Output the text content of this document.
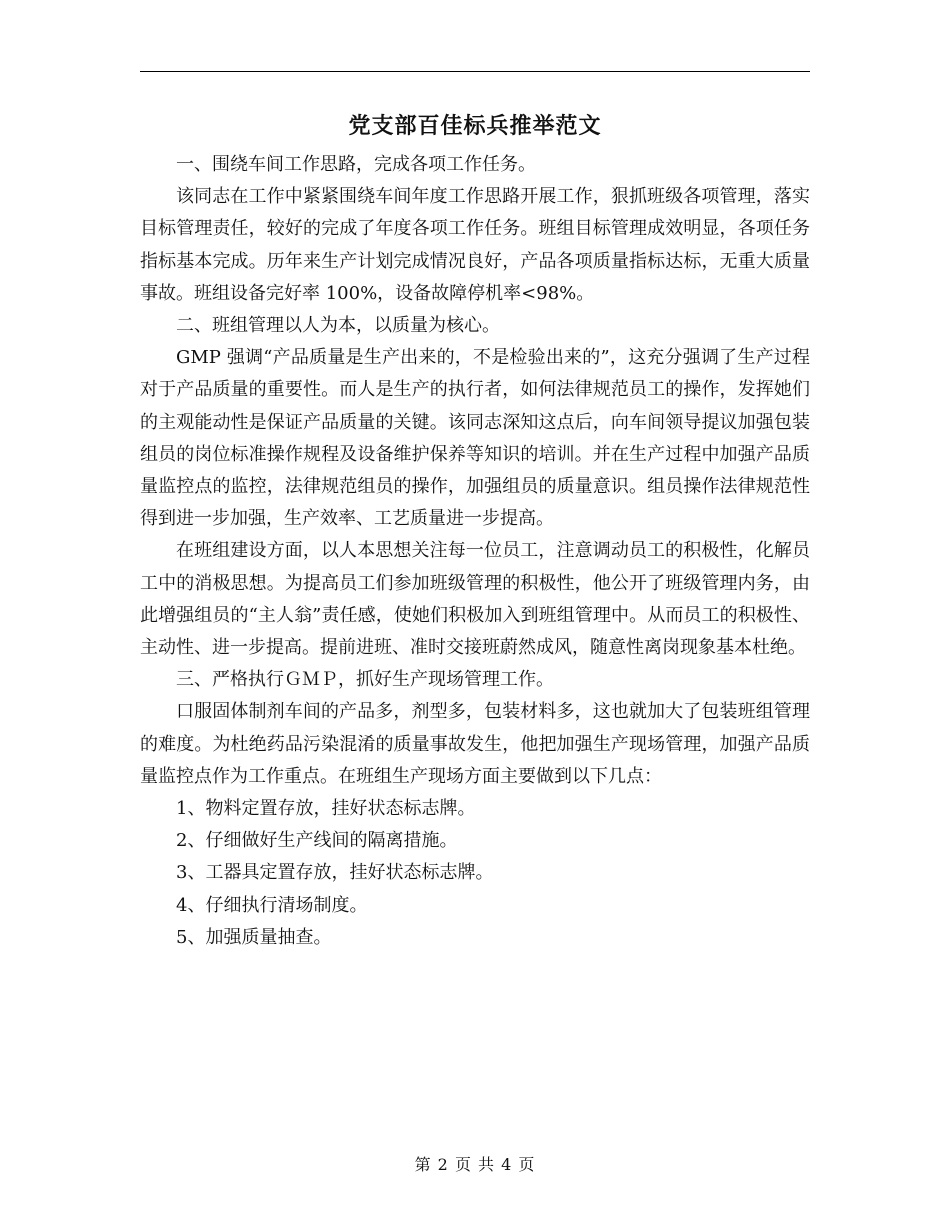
党支部百佳标兵推举范文

一、围绕车间工作思路，完成各项工作任务。

该同志在工作中紧紧围绕车间年度工作思路开展工作，狠抓班级各项管理，落实目标管理责任，较好的完成了年度各项工作任务。班组目标管理成效明显，各项任务指标基本完成。历年来生产计划完成情况良好，产品各项质量指标达标，无重大质量事故。班组设备完好率 100%，设备故障停机率<98%。

二、班组管理以人为本，以质量为核心。

GMP 强调“产品质量是生产出来的，不是检验出来的”，这充分强调了生产过程对于产品质量的重要性。而人是生产的执行者，如何法律规范员工的操作，发挥她们的主观能动性是保证产品质量的关键。该同志深知这点后，向车间领导提议加强包装组员的岗位标准操作规程及设备维护保养等知识的培训。并在生产过程中加强产品质量监控点的监控，法律规范组员的操作，加强组员的质量意识。组员操作法律规范性得到进一步加强，生产效率、工艺质量进一步提高。

在班组建设方面，以人本思想关注每一位员工，注意调动员工的积极性，化解员工中的消极思想。为提高员工们参加班级管理的积极性，他公开了班级管理内务，由此增强组员的“主人翁”责任感，使她们积极加入到班组管理中。从而员工的积极性、主动性、进一步提高。提前进班、准时交接班蔚然成风，随意性离岗现象基本杜绝。

三、严格执行ＧＭＰ，抓好生产现场管理工作。

口服固体制剂车间的产品多，剂型多，包装材料多，这也就加大了包装班组管理的难度。为杜绝药品污染混淆的质量事故发生，他把加强生产现场管理，加强产品质量监控点作为工作重点。在班组生产现场方面主要做到以下几点：

1、物料定置存放，挂好状态标志牌。

2、仔细做好生产线间的隔离措施。

3、工器具定置存放，挂好状态标志牌。

4、仔细执行清场制度。

5、加强质量抽查。

第 2 页 共 4 页
